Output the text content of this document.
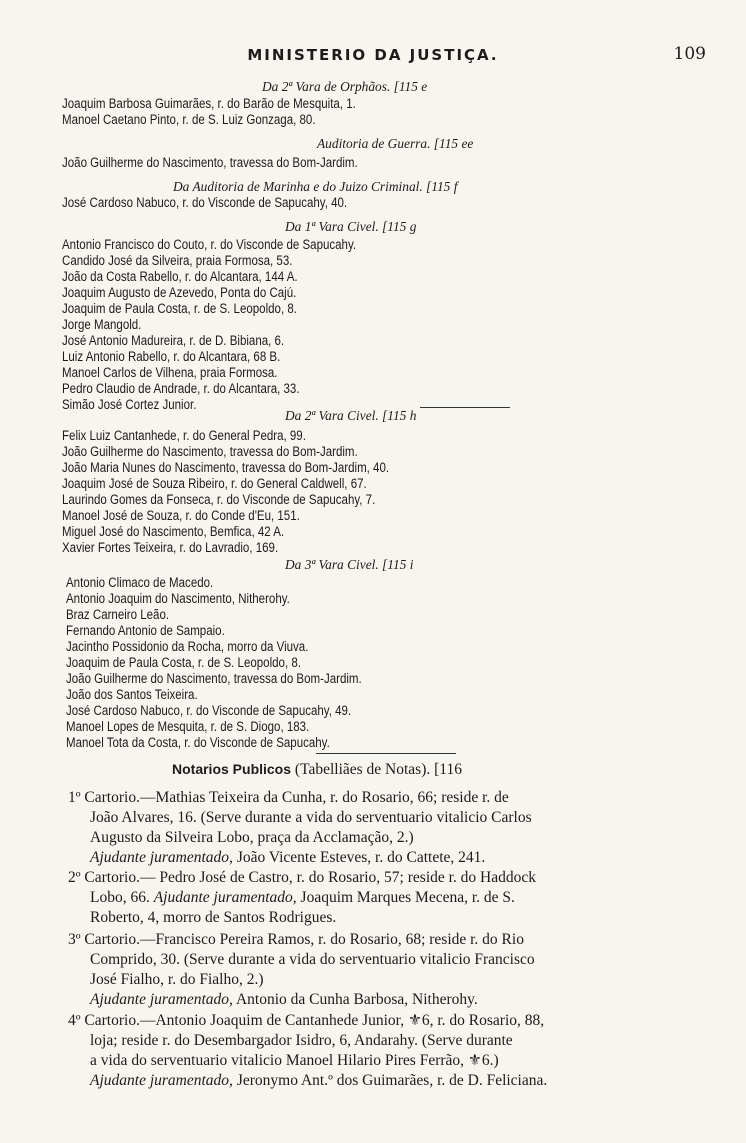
MINISTERIO DA JUSTIÇA.	109
Da 2ª Vara de Orphãos. [115 e
Joaquim Barbosa Guimarães, r. do Barão de Mesquita, 1.
Manoel Caetano Pinto, r. de S. Luiz Gonzaga, 80.
Auditoria de Guerra. [115 ee
João Guilherme do Nascimento, travessa do Bom-Jardim.
Da Auditoria de Marinha e do Juizo Criminal. [115 f
José Cardoso Nabuco, r. do Visconde de Sapucahy, 40.
Da 1ª Vara Civel. [115 g
Antonio Francisco do Couto, r. do Visconde de Sapucahy.
Candido José da Silveira, praia Formosa, 53.
João da Costa Rabello, r. do Alcantara, 144 A.
Joaquim Augusto de Azevedo, Ponta do Cajú.
Joaquim de Paula Costa, r. de S. Leopoldo, 8.
Jorge Mangold.
José Antonio Madureira, r. de D. Bibiana, 6.
Luiz Antonio Rabello, r. do Alcantara, 68 B.
Manoel Carlos de Vilhena, praia Formosa.
Pedro Claudio de Andrade, r. do Alcantara, 33.
Simão José Cortez Junior.
Da 2ª Vara Civel. [115 h
Felix Luiz Cantanhede, r. do General Pedra, 99.
João Guilherme do Nascimento, travessa do Bom-Jardim.
João Maria Nunes do Nascimento, travessa do Bom-Jardim, 40.
Joaquim José de Souza Ribeiro, r. do General Caldwell, 67.
Laurindo Gomes da Fonseca, r. do Visconde de Sapucahy, 7.
Manoel José de Souza, r. do Conde d'Eu, 151.
Miguel José do Nascimento, Bemfica, 42 A.
Xavier Fortes Teixeira, r. do Lavradio, 169.
Da 3ª Vara Civel. [115 i
Antonio Climaco de Macedo.
Antonio Joaquim do Nascimento, Nitherohy.
Braz Carneiro Leão.
Fernando Antonio de Sampaio.
Jacintho Possidonio da Rocha, morro da Viuva.
Joaquim de Paula Costa, r. de S. Leopoldo, 8.
João Guilherme do Nascimento, travessa do Bom-Jardim.
João dos Santos Teixeira.
José Cardoso Nabuco, r. do Visconde de Sapucahy, 49.
Manoel Lopes de Mesquita, r. de S. Diogo, 183.
Manoel Tota da Costa, r. do Visconde de Sapucahy.
Notarios Publicos (Tabelliães de Notas). [116
1º Cartorio.—Mathias Teixeira da Cunha, r. do Rosario, 66; reside r. de
João Alvares, 16. (Serve durante a vida do serventuario vitalicio Carlos
Augusto da Silveira Lobo, praça da Acclamação, 2.)
Ajudante juramentado, João Vicente Esteves, r. do Cattete, 241.
2º Cartorio.— Pedro José de Castro, r. do Rosario, 57; reside r. do Haddock
Lobo, 66. Ajudante juramentado, Joaquim Marques Mecena, r. de S.
Roberto, 4, morro de Santos Rodrigues.
3º Cartorio.—Francisco Pereira Ramos, r. do Rosario, 68; reside r. do Rio
Comprido, 30. (Serve durante a vida do serventuario vitalicio Francisco
José Fialho, r. do Fialho, 2.)
Ajudante juramentado, Antonio da Cunha Barbosa, Nitherohy.
4º Cartorio.—Antonio Joaquim de Cantanhede Junior, ⚜6, r. do Rosario, 88,
loja; reside r. do Desembargador Isidro, 6, Andarahy. (Serve durante
a vida do serventuario vitalicio Manoel Hilario Pires Ferrão, ⚜6.)
Ajudante juramentado, Jeronymo Ant.º dos Guimarães, r. de D. Feliciana.
